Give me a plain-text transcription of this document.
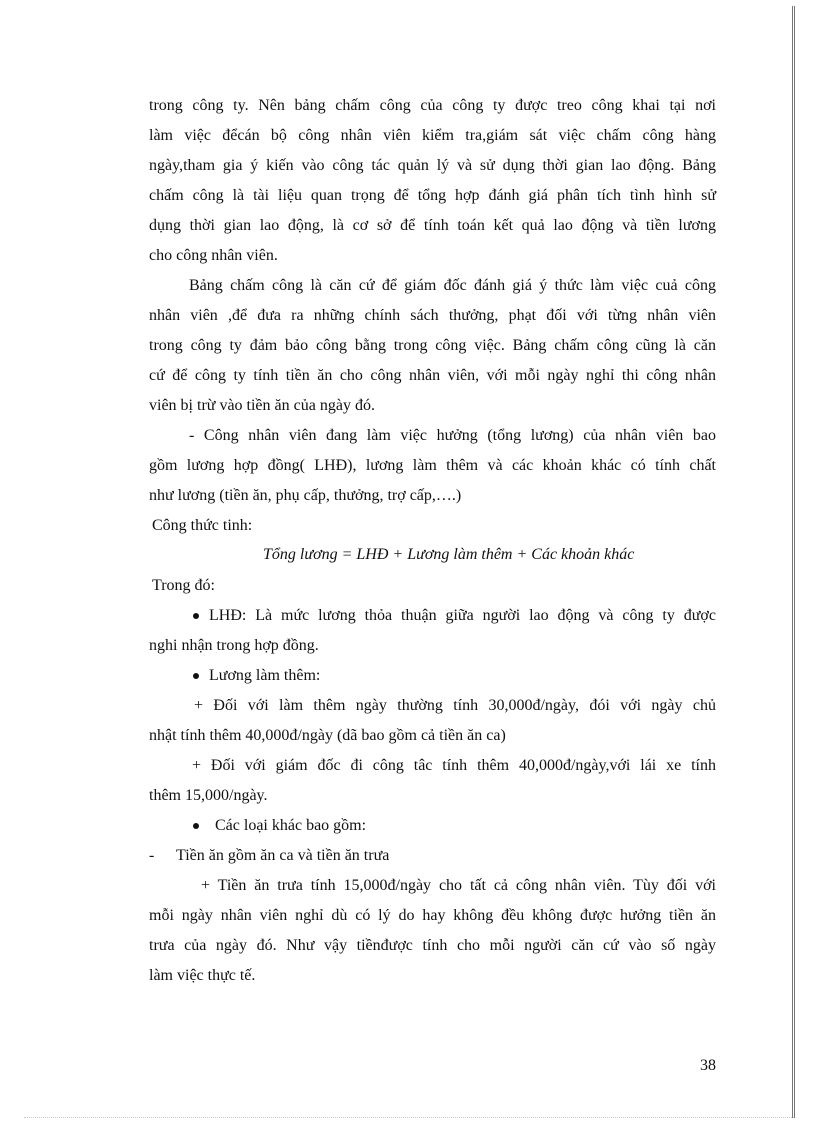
trong công ty. Nên bảng chấm công của công ty được treo công khai tại nơi
làm việc đểcán bộ công nhân viên kiểm tra,giám sát việc chấm công hàng
ngày,tham gia ý kiến vào công tác quản lý và sử dụng thời gian lao động. Bảng
chấm công là tài liệu quan trọng để tổng hợp đánh giá phân tích tình hình sử
dụng thời gian lao động, là cơ sở để tính toán kết quả lao động và tiền lương
cho công nhân viên.
Bảng chấm công là căn cứ để giám đốc đánh giá ý thức làm việc cuả công
nhân viên ,để đưa ra những chính sách thưởng, phạt đối với từng nhân viên
trong công ty đảm bảo công bằng trong công việc. Bảng chấm công cũng là căn
cứ để công ty tính tiền ăn cho công nhân viên, với mỗi ngày nghỉ thi công nhân
viên bị trừ vào tiền ăn của ngày đó.
- Công nhân viên đang làm việc hưởng (tổng lương) của nhân viên bao
gồm lương hợp đồng( LHĐ), lương làm thêm và các khoản khác có tính chất
như lương (tiền ăn, phụ cấp, thưởng, trợ cấp,….)
Công thức tinh:
Tổng lương = LHĐ + Lương làm thêm + Các khoản khác
Trong đó:
LHĐ: Là mức lương thỏa thuận giữa người lao động và công ty được
nghi nhận trong hợp đồng.
Lương làm thêm:
+ Đối với làm thêm ngày thường tính 30,000đ/ngày, đói với ngày chủ
nhật tính thêm 40,000đ/ngày (dã bao gồm cả tiền ăn ca)
+ Đối với giám đốc đi công tâc tính thêm 40,000đ/ngày,với lái xe tính
thêm 15,000/ngày.
Các loại khác bao gồm:
- Tiền ăn gồm ăn ca và tiền ăn trưa
+ Tiền ăn trưa tính 15,000đ/ngày cho tất cả công nhân viên. Tùy đối với
mỗi ngày nhân viên nghỉ dù có lý do hay không đều không được hưởng tiền ăn
trưa của ngày đó. Như vậy tiềnđược tính cho mỗi người căn cứ vào số ngày
làm việc thực tế.
38
